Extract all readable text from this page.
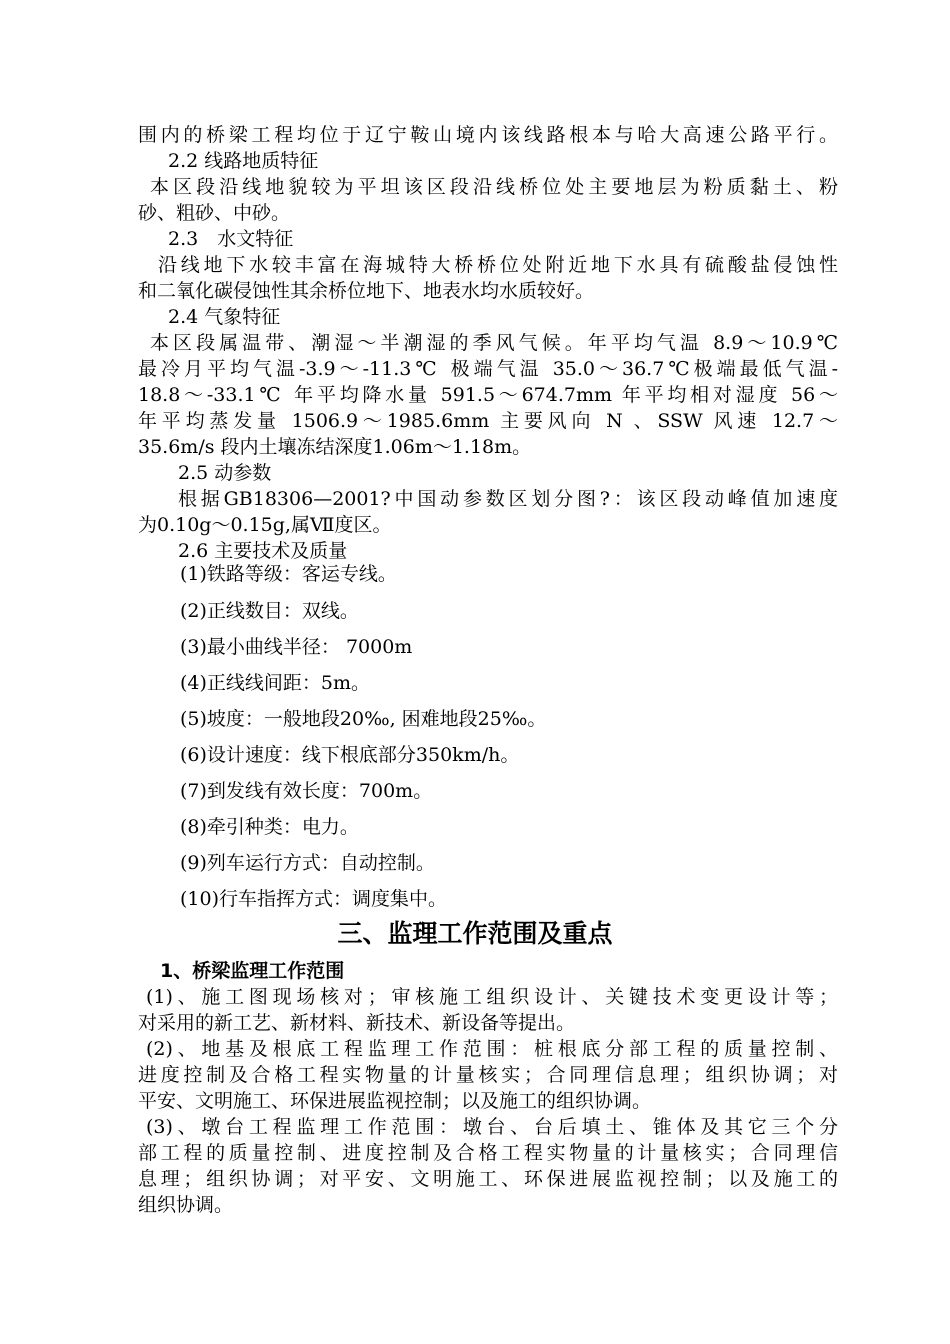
围内的桥梁工程均位于辽宁鞍山境内该线路根本与哈大高速公路平行。
2.2 线路地质特征
本区段沿线地貌较为平坦该区段沿线桥位处主要地层为粉质黏土、粉
砂、粗砂、中砂。
2.3　水文特征
沿线地下水较丰富在海城特大桥桥位处附近地下水具有硫酸盐侵蚀性
和二氧化碳侵蚀性其余桥位地下、地表水均水质较好。
2.4 气象特征
本区段属温带、潮湿～半潮湿的季风气候。年平均气温 8.9～10.9℃
最冷月平均气温-3.9～-11.3℃ 极端气温 35.0～36.7℃极端最低气温-
18.8～-33.1℃ 年平均降水量 591.5～674.7mm 年平均相对湿度 56～
年平均蒸发量 1506.9～1985.6mm 主要风向 N 、SSW 风速 12.7～
35.6m/s 段内土壤冻结深度1.06m～1.18m。
2.5 动参数
根据GB18306—2001?中国动参数区划分图?：该区段动峰值加速度
为0.10g～0.15g,属Ⅶ度区。
2.6 主要技术及质量
(1)铁路等级：客运专线。
(2)正线数目：双线。
(3)最小曲线半径： 7000m
(4)正线线间距：5m。
(5)坡度：一般地段20‰, 困难地段25‰。
(6)设计速度：线下根底部分350km/h。
(7)到发线有效长度：700m。
(8)牵引种类：电力。
(9)列车运行方式：自动控制。
(10)行车指挥方式：调度集中。
三、监理工作范围及重点
1、桥梁监理工作范围
(1)、施工图现场核对；审核施工组织设计、关键技术变更设计等；
对采用的新工艺、新材料、新技术、新设备等提出。
(2)、地基及根底工程监理工作范围：桩根底分部工程的质量控制、
进度控制及合格工程实物量的计量核实；合同理信息理；组织协调；对
平安、文明施工、环保进展监视控制；以及施工的组织协调。
(3)、墩台工程监理工作范围：墩台、台后填土、锥体及其它三个分
部工程的质量控制、进度控制及合格工程实物量的计量核实；合同理信
息理；组织协调；对平安、文明施工、环保进展监视控制；以及施工的
组织协调。
